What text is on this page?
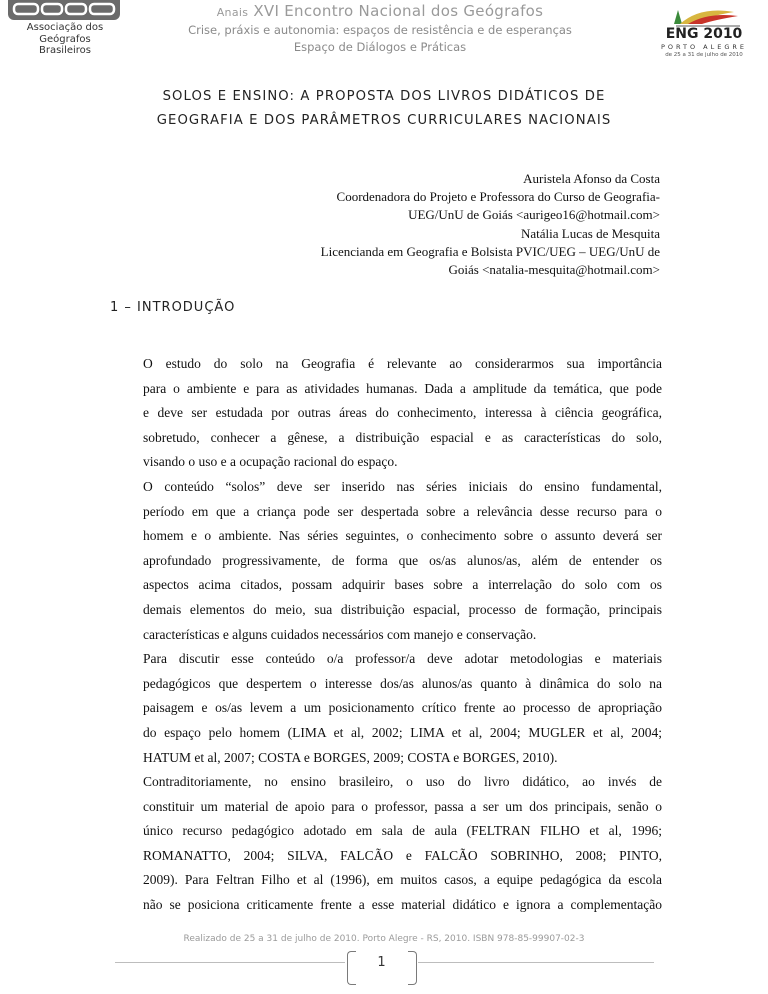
Associação dos
Geógrafos
Brasileiros
Anais XVI Encontro Nacional dos Geógrafos
Crise, práxis e autonomia: espaços de resistência e de esperanças
Espaço de Diálogos e Práticas
ENG 2010
PORTO ALEGRE
de 25 a 31 de julho de 2010
SOLOS E ENSINO: A PROPOSTA DOS LIVROS DIDÁTICOS DE
GEOGRAFIA E DOS PARÂMETROS CURRICULARES NACIONAIS
Auristela Afonso da Costa
Coordenadora do Projeto e Professora do Curso de Geografia-
UEG/UnU de Goiás <aurigeo16@hotmail.com>
Natália Lucas de Mesquita
Licencianda em Geografia e Bolsista PVIC/UEG – UEG/UnU de
Goiás <natalia-mesquita@hotmail.com>
1 – INTRODUÇÃO

O estudo do solo na Geografia é relevante ao considerarmos sua importância
para o ambiente e para as atividades humanas. Dada a amplitude da temática, que pode
e deve ser estudada por outras áreas do conhecimento, interessa à ciência geográfica,
sobretudo, conhecer a gênese, a distribuição espacial e as características do solo,
visando o uso e a ocupação racional do espaço.

O conteúdo “solos” deve ser inserido nas séries iniciais do ensino fundamental,
período em que a criança pode ser despertada sobre a relevância desse recurso para o
homem e o ambiente. Nas séries seguintes, o conhecimento sobre o assunto deverá ser
aprofundado progressivamente, de forma que os/as alunos/as, além de entender os
aspectos acima citados, possam adquirir bases sobre a interrelação do solo com os
demais elementos do meio, sua distribuição espacial, processo de formação, principais
características e alguns cuidados necessários com manejo e conservação.

Para discutir esse conteúdo o/a professor/a deve adotar metodologias e materiais
pedagógicos que despertem o interesse dos/as alunos/as quanto à dinâmica do solo na
paisagem e os/as levem a um posicionamento crítico frente ao processo de apropriação
do espaço pelo homem (LIMA et al, 2002; LIMA et al, 2004; MUGLER et al, 2004;
HATUM et al, 2007; COSTA e BORGES, 2009; COSTA e BORGES, 2010).

Contraditoriamente, no ensino brasileiro, o uso do livro didático, ao invés de
constituir um material de apoio para o professor, passa a ser um dos principais, senão o
único recurso pedagógico adotado em sala de aula (FELTRAN FILHO et al, 1996;
ROMANATTO, 2004; SILVA, FALCÃO e FALCÃO SOBRINHO, 2008; PINTO,
2009). Para Feltran Filho et al (1996), em muitos casos, a equipe pedagógica da escola
não se posiciona criticamente frente a esse material didático e ignora a complementação

Realizado de 25 a 31 de julho de 2010. Porto Alegre - RS, 2010. ISBN 978-85-99907-02-3
1
